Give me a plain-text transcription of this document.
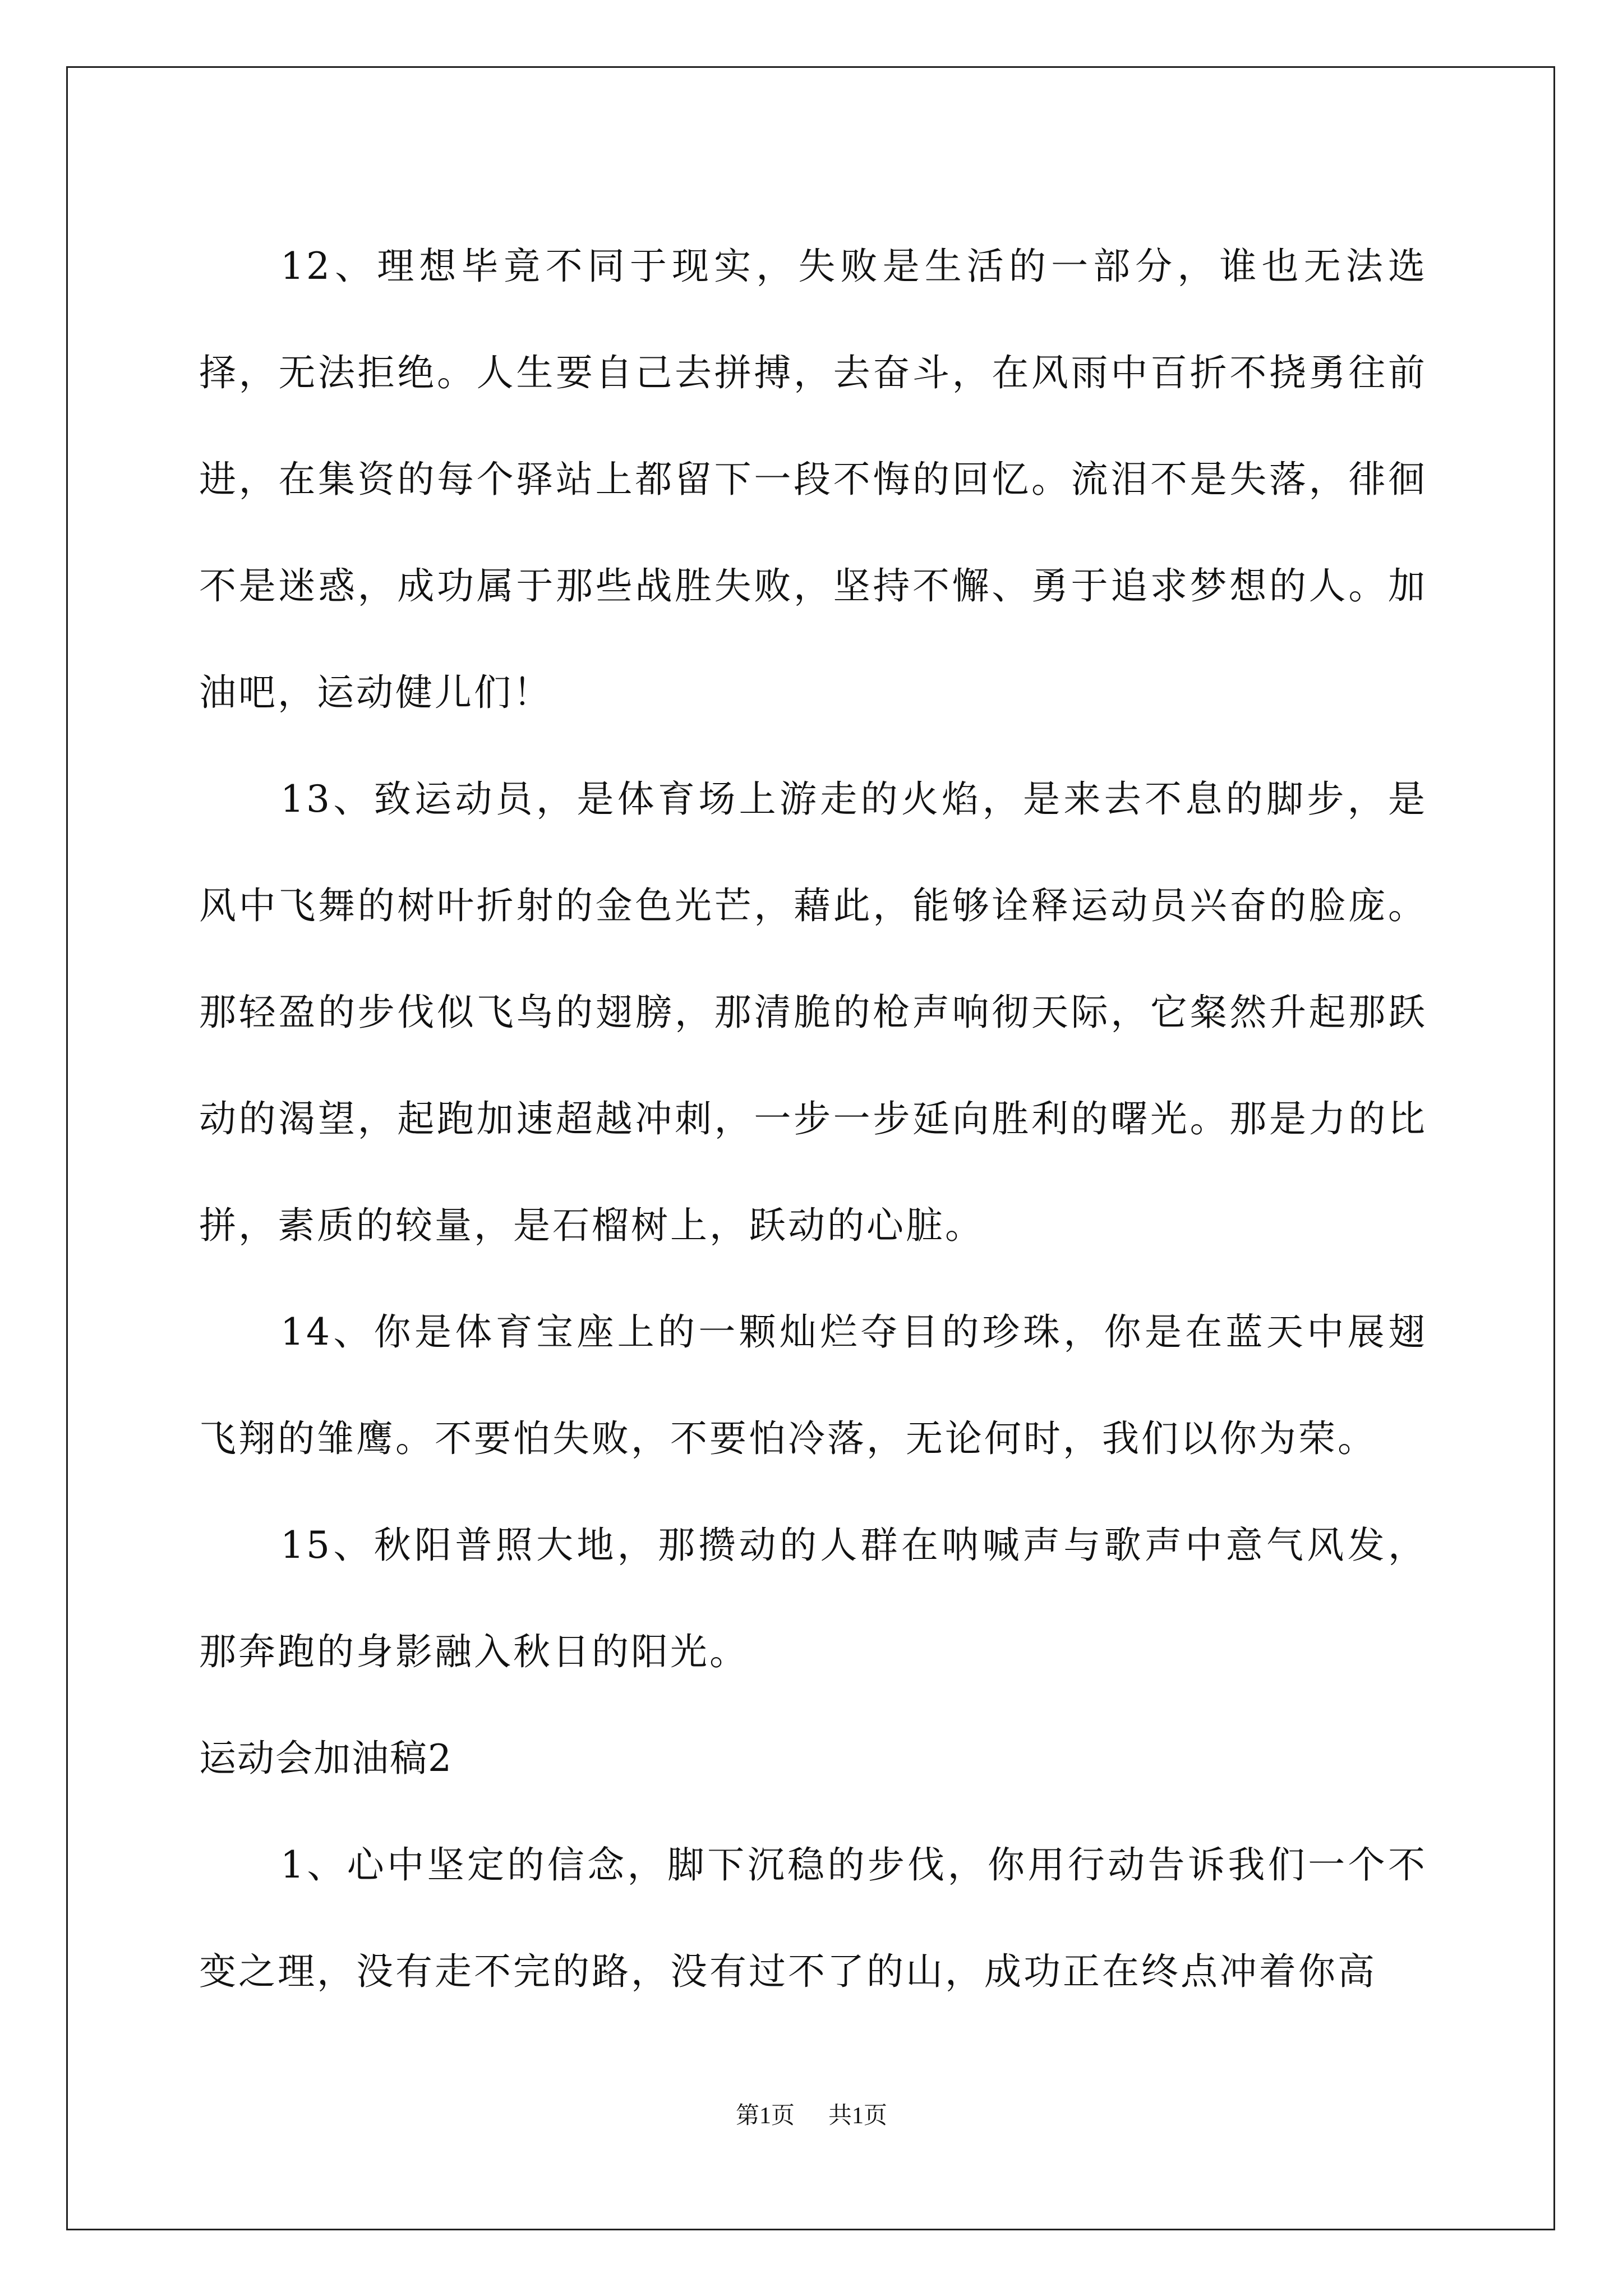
12、理想毕竟不同于现实，失败是生活的一部分，谁也无法选择，无法拒绝。人生要自己去拼搏，去奋斗，在风雨中百折不挠勇往前进，在集资的每个驿站上都留下一段不悔的回忆。流泪不是失落，徘徊不是迷惑，成功属于那些战胜失败，坚持不懈、勇于追求梦想的人。加油吧，运动健儿们！

13、致运动员，是体育场上游走的火焰，是来去不息的脚步，是风中飞舞的树叶折射的金色光芒，藉此，能够诠释运动员兴奋的脸庞。那轻盈的步伐似飞鸟的翅膀，那清脆的枪声响彻天际，它粲然升起那跃动的渴望，起跑加速超越冲刺，一步一步延向胜利的曙光。那是力的比拼，素质的较量，是石榴树上，跃动的心脏。

14、你是体育宝座上的一颗灿烂夺目的珍珠，你是在蓝天中展翅飞翔的雏鹰。不要怕失败，不要怕冷落，无论何时，我们以你为荣。

15、秋阳普照大地，那攒动的人群在呐喊声与歌声中意气风发，那奔跑的身影融入秋日的阳光。

运动会加油稿2

1、心中坚定的信念，脚下沉稳的步伐，你用行动告诉我们一个不变之理，没有走不完的路，没有过不了的山，成功正在终点冲着你高

第1页 共1页
